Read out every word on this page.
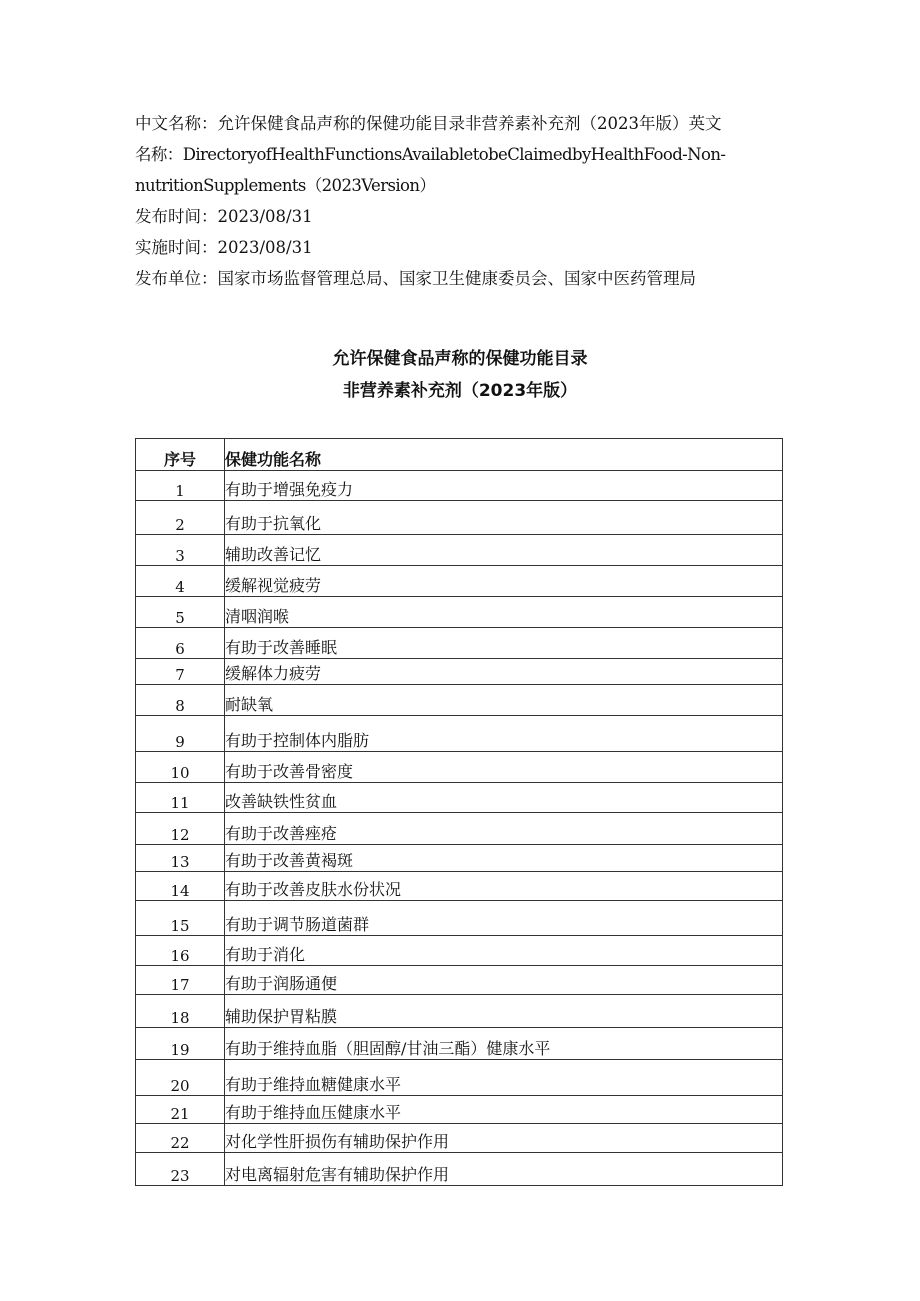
中文名称：允许保健食品声称的保健功能目录非营养素补充剂（2023年版）英文

名称：DirectoryofHealthFunctionsAvailabletobeClaimedbyHealthFood-Non-

nutritionSupplements（2023Version）

发布时间：2023/08/31

实施时间：2023/08/31

发布单位：国家市场监督管理总局、国家卫生健康委员会、国家中医药管理局

允许保健食品声称的保健功能目录
非营养素补充剂（2023年版）
序号	保健功能名称
1	有助于增强免疫力
2	有助于抗氧化
3	辅助改善记忆
4	缓解视觉疲劳
5	清咽润喉
6	有助于改善睡眠
7	缓解体力疲劳
8	耐缺氧
9	有助于控制体内脂肪
10	有助于改善骨密度
11	改善缺铁性贫血
12	有助于改善痤疮
13	有助于改善黄褐斑
14	有助于改善皮肤水份状况
15	有助于调节肠道菌群
16	有助于消化
17	有助于润肠通便
18	辅助保护胃粘膜
19	有助于维持血脂（胆固醇/甘油三酯）健康水平
20	有助于维持血糖健康水平
21	有助于维持血压健康水平
22	对化学性肝损伤有辅助保护作用
23	对电离辐射危害有辅助保护作用
